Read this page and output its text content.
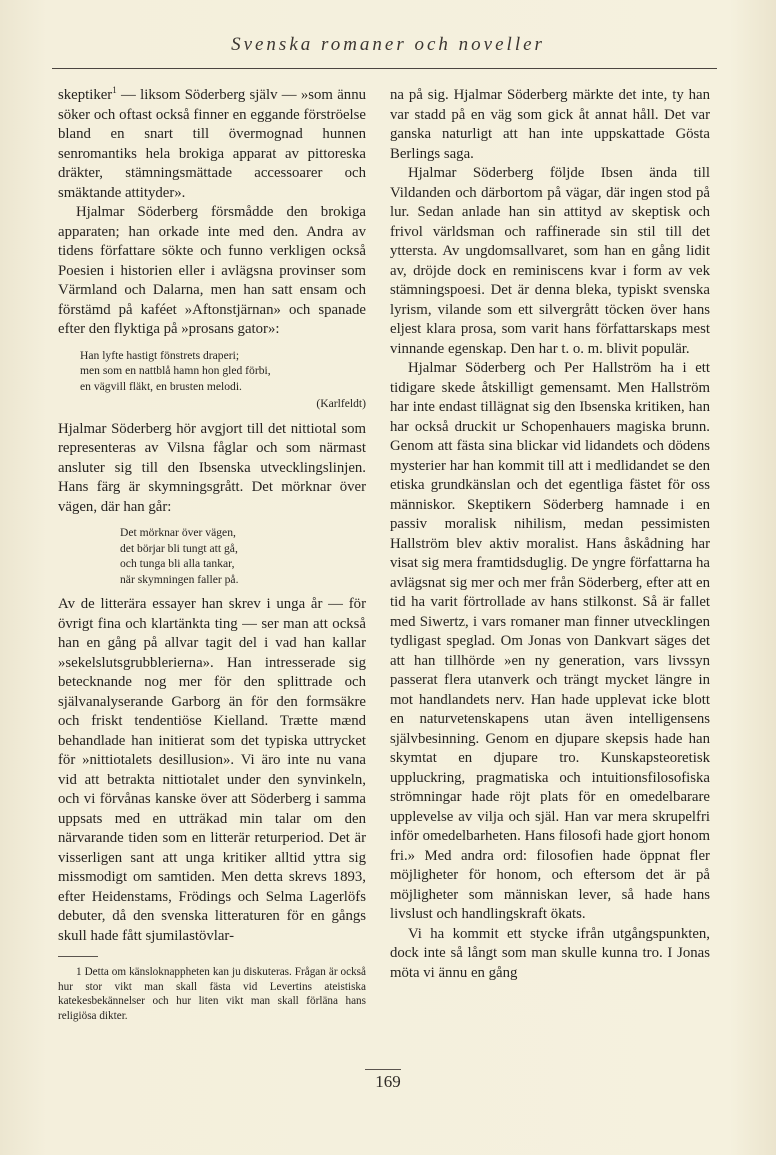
Svenska romaner och noveller

skeptiker$^1$ — liksom Söderberg själv — »som ännu söker och oftast också finner en eggande förströelse bland en snart till övermognad hunnen senromantiks hela brokiga apparat av pittoreska dräkter, stämningsmättade accessoarer och smäktande attityder».

Hjalmar Söderberg försmådde den brokiga apparaten; han orkade inte med den. Andra av tidens författare sökte och funno verkligen också Poesien i historien eller i avlägsna provinser som Värmland och Dalarna, men han satt ensam och förstämd på kaféet »Aftonstjärnan» och spanade efter den flyktiga på »prosans gator»:

Han lyfte hastigt fönstrets draperi;
men som en nattblå hamn hon gled förbi,
en vägvill fläkt, en brusten melodi.
(Karlfeldt)

Hjalmar Söderberg hör avgjort till det nittiotal som representeras av Vilsna fåglar och som närmast ansluter sig till den Ibsenska utvecklingslinjen. Hans färg är skymningsgrått. Det mörknar över vägen, där han går:

Det mörknar över vägen,
det börjar bli tungt att gå,
och tunga bli alla tankar,
när skymningen faller på.

Av de litterära essayer han skrev i unga år — för övrigt fina och klartänkta ting — ser man att också han en gång på allvar tagit del i vad han kallar »sekelslutsgrubblerierna». Han intresserade sig betecknande nog mer för den splittrade och självanalyserande Garborg än för den formsäkre och friskt tendentiöse Kielland. Trætte mænd behandlade han initierat som det typiska uttrycket för »nittiotalets desillusion». Vi äro inte nu vana vid att betrakta nittiotalet under den synvinkeln, och vi förvånas kanske över att Söderberg i samma uppsats med en utträkad min talar om den närvarande tiden som en litterär returperiod. Det är visserligen sant att unga kritiker alltid yttra sig missmodigt om samtiden. Men detta skrevs 1893, efter Heidenstams, Frödings och Selma Lagerlöfs debuter, då den svenska litteraturen för en gångs skull hade fått sjumilastövlar-

1 Detta om känsloknappheten kan ju diskuteras. Frågan är också hur stor vikt man skall fästa vid Levertins ateistiska katekesbekännelser och hur liten vikt man skall förläna hans religiösa dikter.

na på sig. Hjalmar Söderberg märkte det inte, ty han var stadd på en väg som gick åt annat håll. Det var ganska naturligt att han inte uppskattade Gösta Berlings saga.

Hjalmar Söderberg följde Ibsen ända till Vildanden och därbortom på vägar, där ingen stod på lur. Sedan anlade han sin attityd av skeptisk och frivol världsman och raffinerade sin stil till det yttersta. Av ungdomsallvaret, som han en gång lidit av, dröjde dock en reminiscens kvar i form av vek stämningspoesi. Det är denna bleka, typiskt svenska lyrism, vilande som ett silvergrått töcken över hans eljest klara prosa, som varit hans författarskaps mest vinnande egenskap. Den har t. o. m. blivit populär.

Hjalmar Söderberg och Per Hallström ha i ett tidigare skede åtskilligt gemensamt. Men Hallström har inte endast tillägnat sig den Ibsenska kritiken, han har också druckit ur Schopenhauers magiska brunn. Genom att fästa sina blickar vid lidandets och dödens mysterier har han kommit till att i medlidandet se den etiska grundkänslan och det egentliga fästet för oss människor. Skeptikern Söderberg hamnade i en passiv moralisk nihilism, medan pessimisten Hallström blev aktiv moralist. Hans åskådning har visat sig mera framtidsduglig. De yngre författarna ha avlägsnat sig mer och mer från Söderberg, efter att en tid ha varit förtrollade av hans stilkonst. Så är fallet med Siwertz, i vars romaner man finner utvecklingen tydligast speglad. Om Jonas von Dankvart säges det att han tillhörde »en ny generation, vars livssyn passerat flera utanverk och trängt mycket längre in mot handlandets nerv. Han hade upplevat icke blott en naturvetenskapens utan även intelligensens självbesinning. Genom en djupare skepsis hade han skymtat en djupare tro. Kunskapsteoretisk uppluckring, pragmatiska och intuitionsfilosofiska strömningar hade röjt plats för en omedelbarare upplevelse av vilja och själ. Han var mera skrupelfri inför omedelbarheten. Hans filosofi hade gjort honom fri.» Med andra ord: filosofien hade öppnat fler möjligheter för honom, och eftersom det är på möjligheter som människan lever, så hade hans livslust och handlingskraft ökats.

Vi ha kommit ett stycke ifrån utgångspunkten, dock inte så långt som man skulle kunna tro. I Jonas möta vi ännu en gång

169
